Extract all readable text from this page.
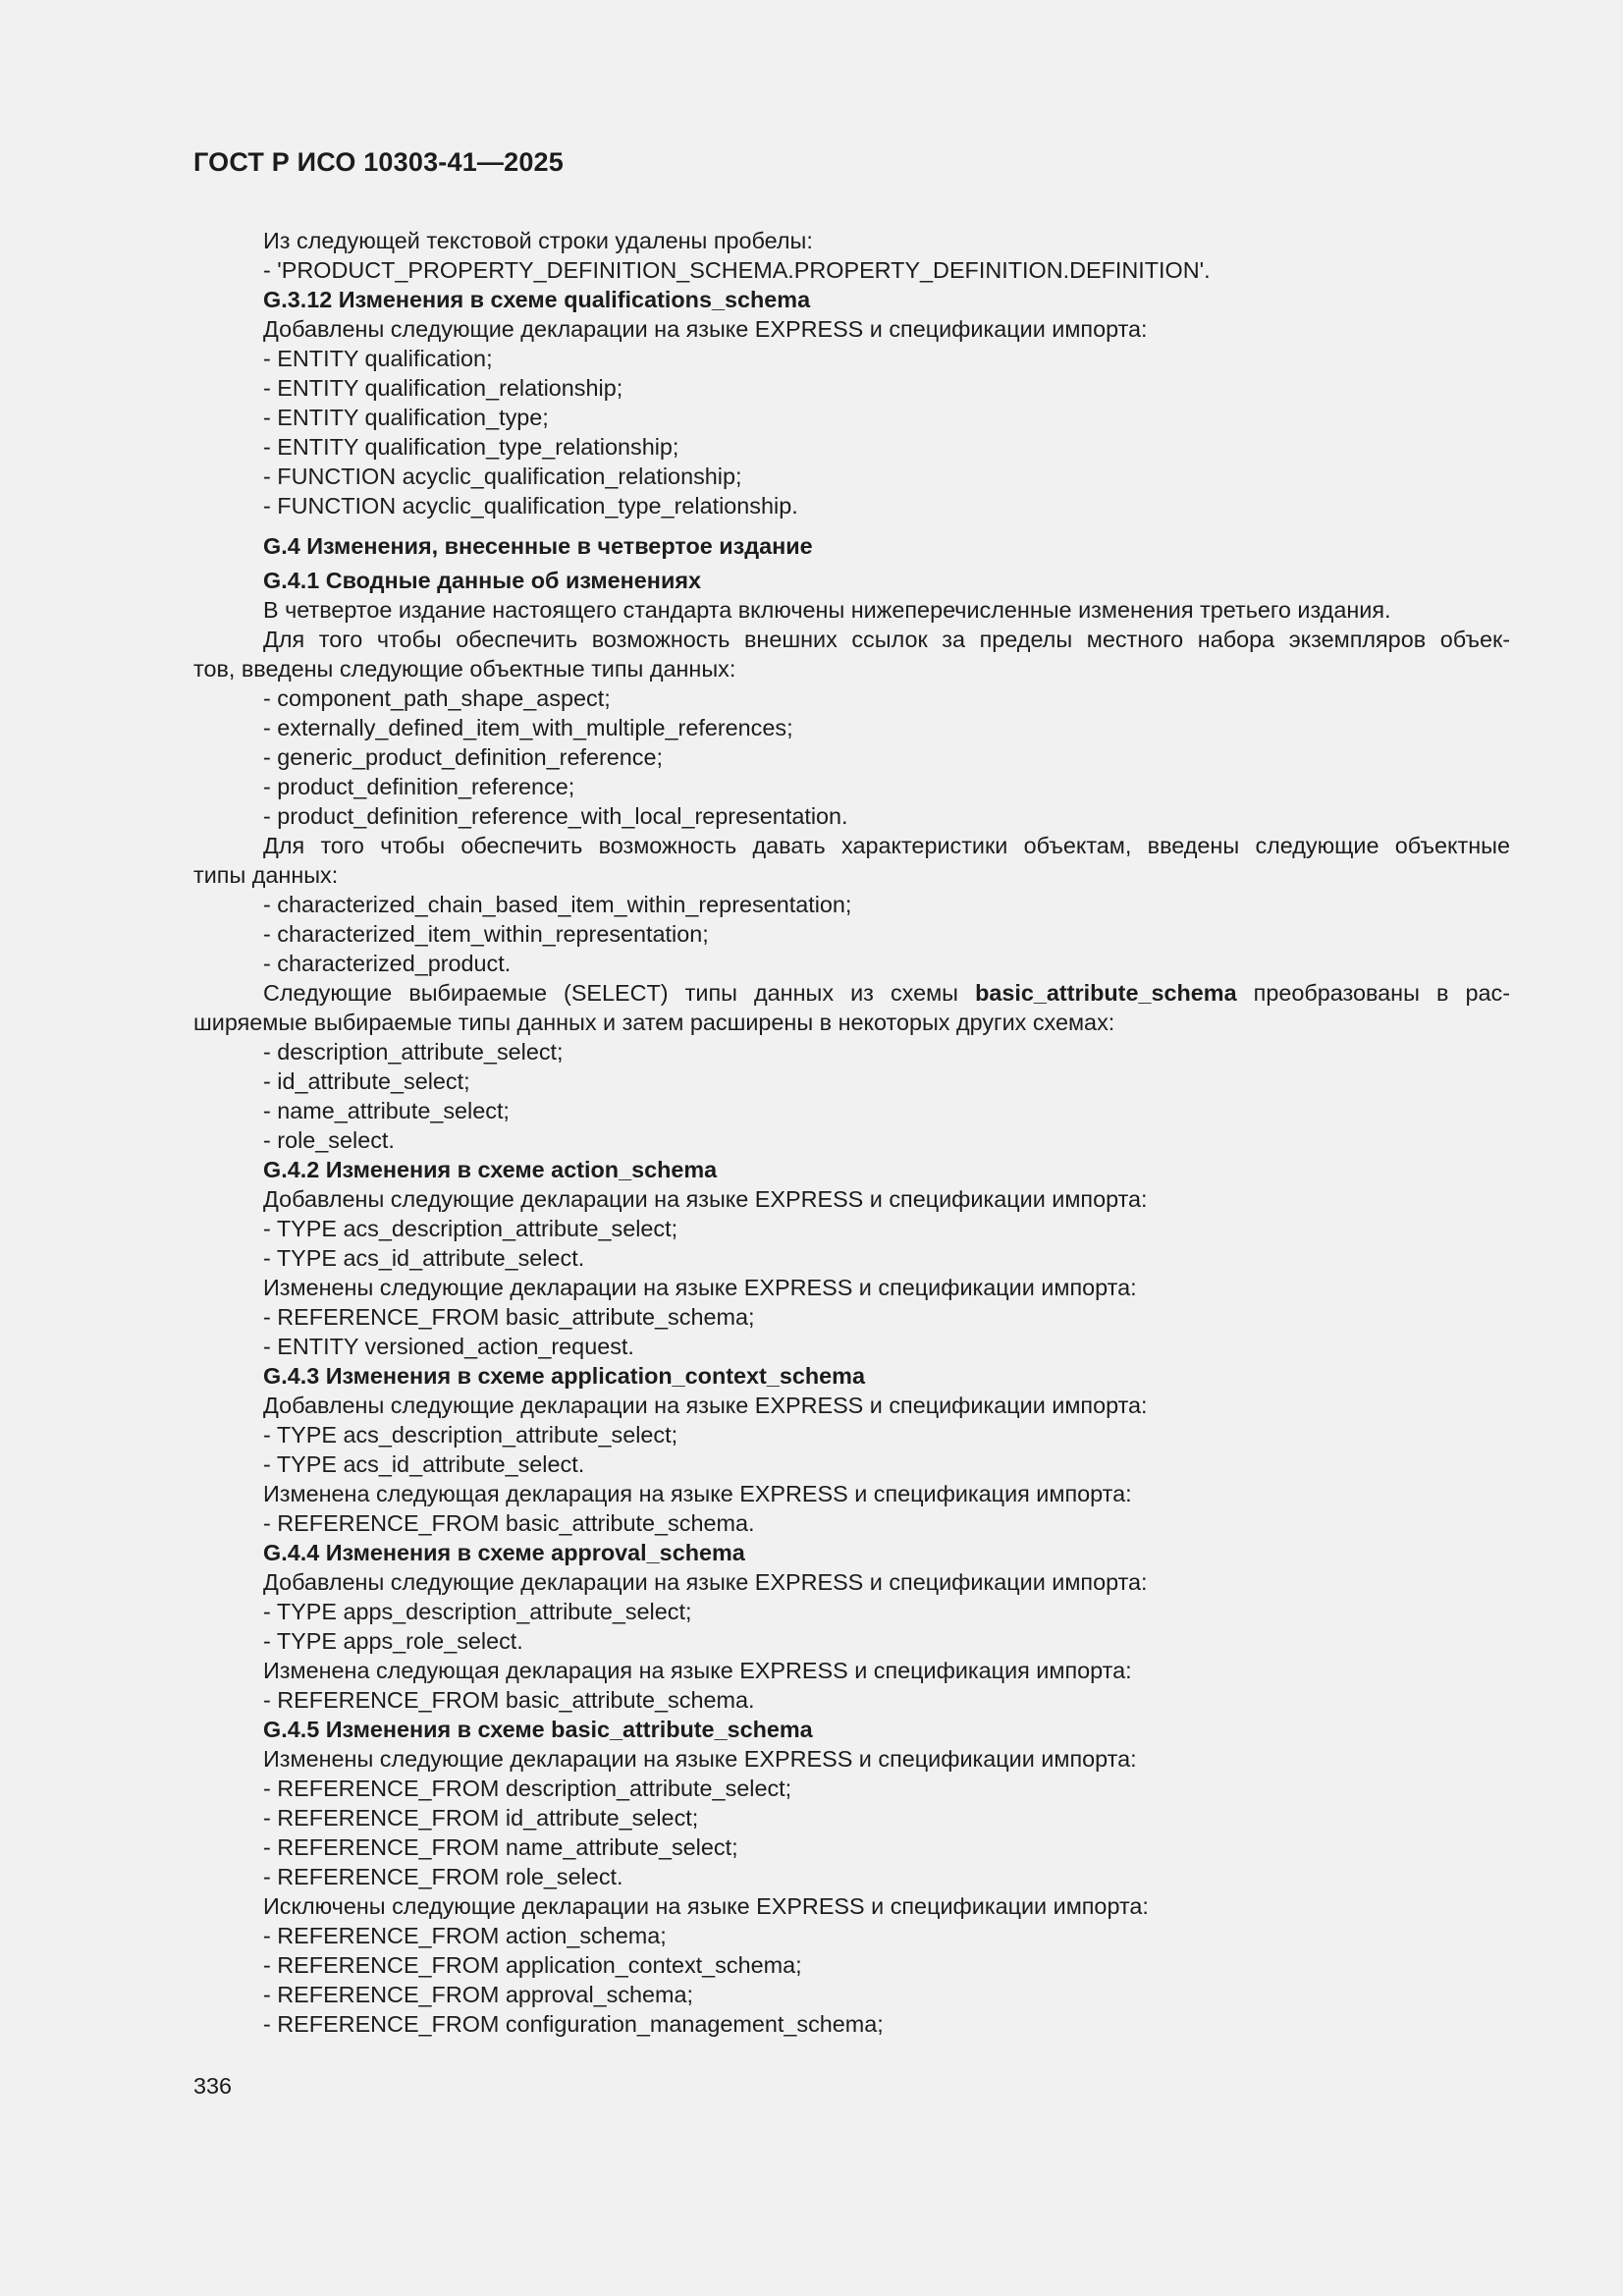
ГОСТ Р ИСО 10303-41—2025

Из следующей текстовой строки удалены пробелы:

- 'PRODUCT_PROPERTY_DEFINITION_SCHEMA.PROPERTY_DEFINITION.DEFINITION'.

G.3.12 Изменения в схеме qualifications_schema

Добавлены следующие декларации на языке EXPRESS и спецификации импорта:

- ENTITY qualification;

- ENTITY qualification_relationship;

- ENTITY qualification_type;

- ENTITY qualification_type_relationship;

- FUNCTION acyclic_qualification_relationship;

- FUNCTION acyclic_qualification_type_relationship.

G.4 Изменения, внесенные в четвертое издание

G.4.1 Сводные данные об изменениях

В четвертое издание настоящего стандарта включены нижеперечисленные изменения третьего издания.

Для того чтобы обеспечить возможность внешних ссылок за пределы местного набора экземпляров объек-

тов, введены следующие объектные типы данных:

- component_path_shape_aspect;

- externally_defined_item_with_multiple_references;

- generic_product_definition_reference;

- product_definition_reference;

- product_definition_reference_with_local_representation.

Для того чтобы обеспечить возможность давать характеристики объектам, введены следующие объектные

типы данных:

- characterized_chain_based_item_within_representation;

- characterized_item_within_representation;

- characterized_product.

Следующие выбираемые (SELECT) типы данных из схемы basic_attribute_schema преобразованы в рас-

ширяемые выбираемые типы данных и затем расширены в некоторых других схемах:

- description_attribute_select;

- id_attribute_select;

- name_attribute_select;

- role_select.

G.4.2 Изменения в схеме action_schema

Добавлены следующие декларации на языке EXPRESS и спецификации импорта:

- TYPE acs_description_attribute_select;

- TYPE acs_id_attribute_select.

Изменены следующие декларации на языке EXPRESS и спецификации импорта:

- REFERENCE_FROM basic_attribute_schema;

- ENTITY versioned_action_request.

G.4.3 Изменения в схеме application_context_schema

Добавлены следующие декларации на языке EXPRESS и спецификации импорта:

- TYPE acs_description_attribute_select;

- TYPE acs_id_attribute_select.

Изменена следующая декларация на языке EXPRESS и спецификация импорта:

- REFERENCE_FROM basic_attribute_schema.

G.4.4 Изменения в схеме approval_schema

Добавлены следующие декларации на языке EXPRESS и спецификации импорта:

- TYPE apps_description_attribute_select;

- TYPE apps_role_select.

Изменена следующая декларация на языке EXPRESS и спецификация импорта:

- REFERENCE_FROM basic_attribute_schema.

G.4.5 Изменения в схеме basic_attribute_schema

Изменены следующие декларации на языке EXPRESS и спецификации импорта:

- REFERENCE_FROM description_attribute_select;

- REFERENCE_FROM id_attribute_select;

- REFERENCE_FROM name_attribute_select;

- REFERENCE_FROM role_select.

Исключены следующие декларации на языке EXPRESS и спецификации импорта:

- REFERENCE_FROM action_schema;

- REFERENCE_FROM application_context_schema;

- REFERENCE_FROM approval_schema;

- REFERENCE_FROM configuration_management_schema;

336
